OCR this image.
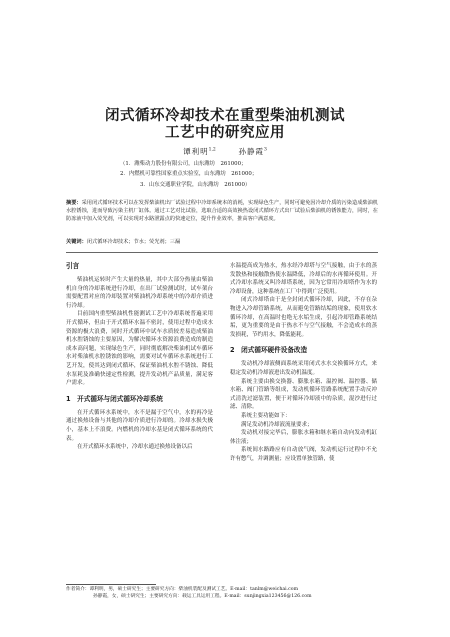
闭式循环冷却技术在重型柴油机测试
工艺中的研究应用
谭利明$^{1,2}$	孙静霞$^3$
（1．潍柴动力股份有限公司，山东潍坊　261000；
2．内燃机可靠性国家重点实验室，山东潍坊　261000；
3．山东交通职业学院，山东潍坊　261000）
摘要：采用闭式循环技术可以在发挥柴油机出厂试验过程中冷却系统本的消耗，实现绿色生产，同时可避免因冷却介质的污染造成柴油机水腔锈蚀，进而导致污染主机厂缸体。通过工艺对比试验，选取合适的高效换热设闭式循环方式出厂试验后柴油机的锈蚀能力，同时，在防冻液中加入荧光剂，可以实现对水路泄露点的快速定位，提升作业效率，推高客户满意度。
关键词：闭式循环冷却技术；节水；荧光剂；三漏
引言

柴油机运转时产生大量的热量，其中大部分热量由柴油机自身的冷却系统进行冷却，在出厂试验测试时，试车架台需要配置对应的冷却装置对柴油机冷却系统中的冷却介质进行冷却。

目前国内重型柴油机性能测试工艺中冷却系统普遍采用开式循环，但由于开式循环水温不密封，使用过程中造成水资源的极大浪费，同时开式循环中试车水质较差易造成柴油机水腔锈蚀的主要原因，为解决循环水资源浪费造成的制造成本高问题，实现绿色生产，同时彻底解决柴油机试车循环水对柴油机水腔锈蚀的影响，需要对试车循环水系统进行工艺开发，使其达到闭式循环，保证柴油机水腔不锈蚀、降低水泵耗及准确快速定性检测，提升发动机产品质量，满足客户需求。

1　开式循环与闭式循环冷却系统

在开式循环水系统中，水不是漏于空气中，水的再冷是通过换热设备与其他的冷却介质进行冷却的。冷却水损失极小，基本上不浪费。内燃机的冷却水基是闭式循环系统的代表。

在开式循环水系统中，冷却水通过换热设备以后

水温提高成为热水，热水经冷却塔与空气接触，由于水的蒸发散热和接触散热使水温降低，冷却后的水再循环使用。开式冷却水系统又叫冷却塔系统，因为它常用冷却塔作为水的冷却设备，这种系统在工厂中得到广泛使用。

闭式冷却塔由于是全封闭式循环冷却，因此，不存在杂物进入冷却管路系统，从而避免管路结垢的现象，使用软水循环冷却，在高温时也绝无水垢生成，引起冷却管路系统结垢，更为重要的是由于热水不与空气接触，不会造成水的蒸发损耗，节约用水，降低能耗。

2　闭式循环硬件设备改造

发动机冷却液侧面系统采用闭式水水交换循环方式，来稳定发动机冷却液进出发动机温度。

系统主要由换交换器、膨胀水箱、温控阀、温控器、储水箱、阀门管路等组成，发动机循环管路系统配置手动反冲式清洗过滤装置，便于对循环冷却液中的杂质，混沙进行过滤、清除。

系统主要功能如下：

满足发动机冷却液流量要求；

发动机对接完毕后，膨胀水箱和继水箱自动向发动机缸体注液；

系统间水路路应有自动放气阀，发动机运行过程中不允许有憋气，并调测量；应设置单独管路，使

作者简介：谭利明，男，硕士研究生；主要研究方向：柴油机装配及测试工艺。E-mail：tanlm@weichai.com
孙静霞，女，硕士研究生；主要研究方向：载运工具运用工程。E-mail：sunjingxia123456@126.com
